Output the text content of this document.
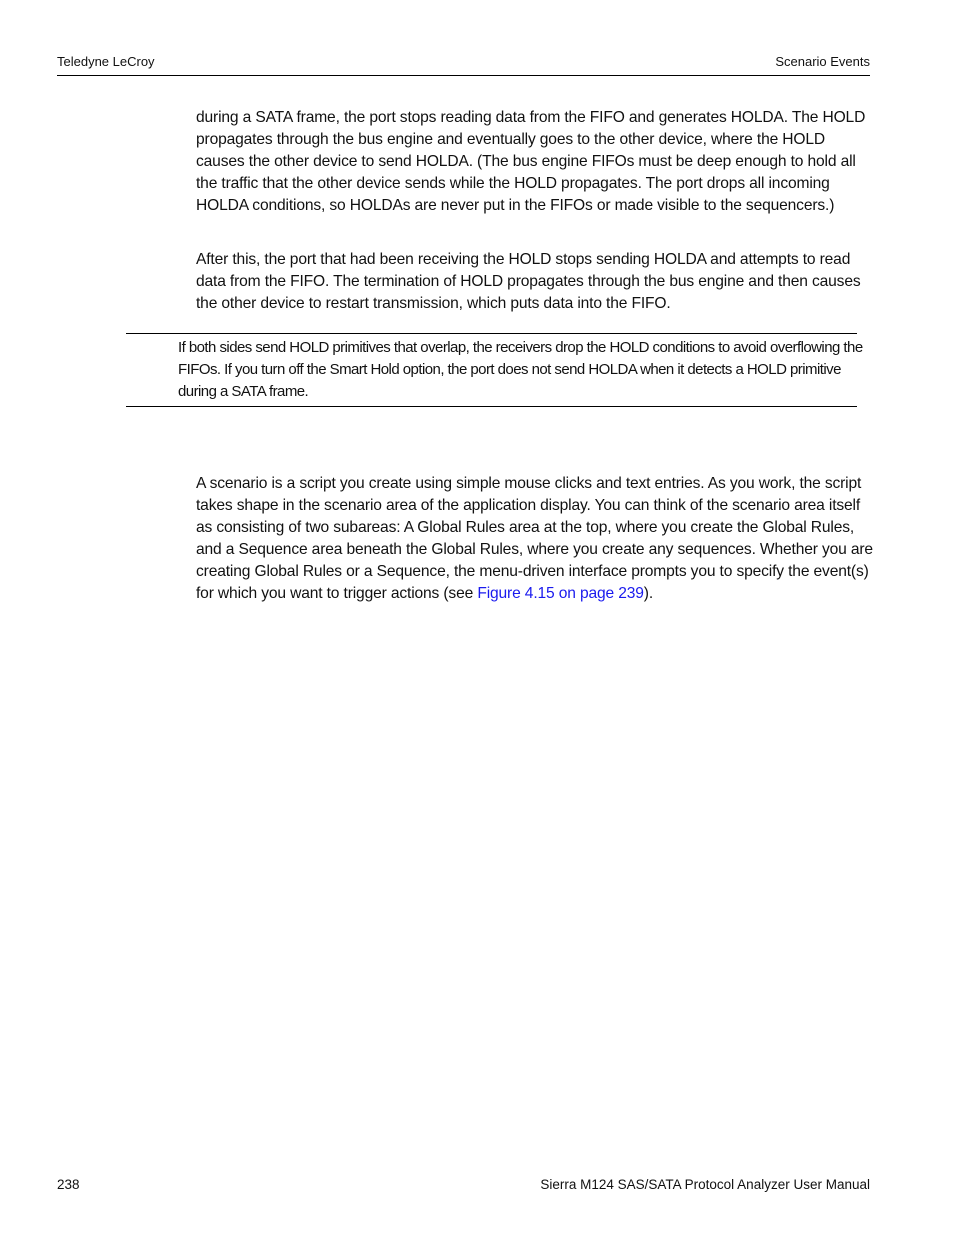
Teledyne LeCroy	Scenario Events

during a SATA frame, the port stops reading data from the FIFO and generates HOLDA. The HOLD propagates through the bus engine and eventually goes to the other device, where the HOLD causes the other device to send HOLDA. (The bus engine FIFOs must be deep enough to hold all the traffic that the other device sends while the HOLD propagates. The port drops all incoming HOLDA conditions, so HOLDAs are never put in the FIFOs or made visible to the sequencers.)

After this, the port that had been receiving the HOLD stops sending HOLDA and attempts to read data from the FIFO. The termination of HOLD propagates through the bus engine and then causes the other device to restart transmission, which puts data into the FIFO.

If both sides send HOLD primitives that overlap, the receivers drop the HOLD conditions to avoid overflowing the FIFOs. If you turn off the Smart Hold option, the port does not send HOLDA when it detects a HOLD primitive during a SATA frame.

A scenario is a script you create using simple mouse clicks and text entries. As you work, the script takes shape in the scenario area of the application display. You can think of the scenario area itself as consisting of two subareas: A Global Rules area at the top, where you create the Global Rules, and a Sequence area beneath the Global Rules, where you create any sequences. Whether you are creating Global Rules or a Sequence, the menu-driven interface prompts you to specify the event(s) for which you want to trigger actions (see Figure 4.15 on page 239).

238	Sierra M124 SAS/SATA Protocol Analyzer User Manual
